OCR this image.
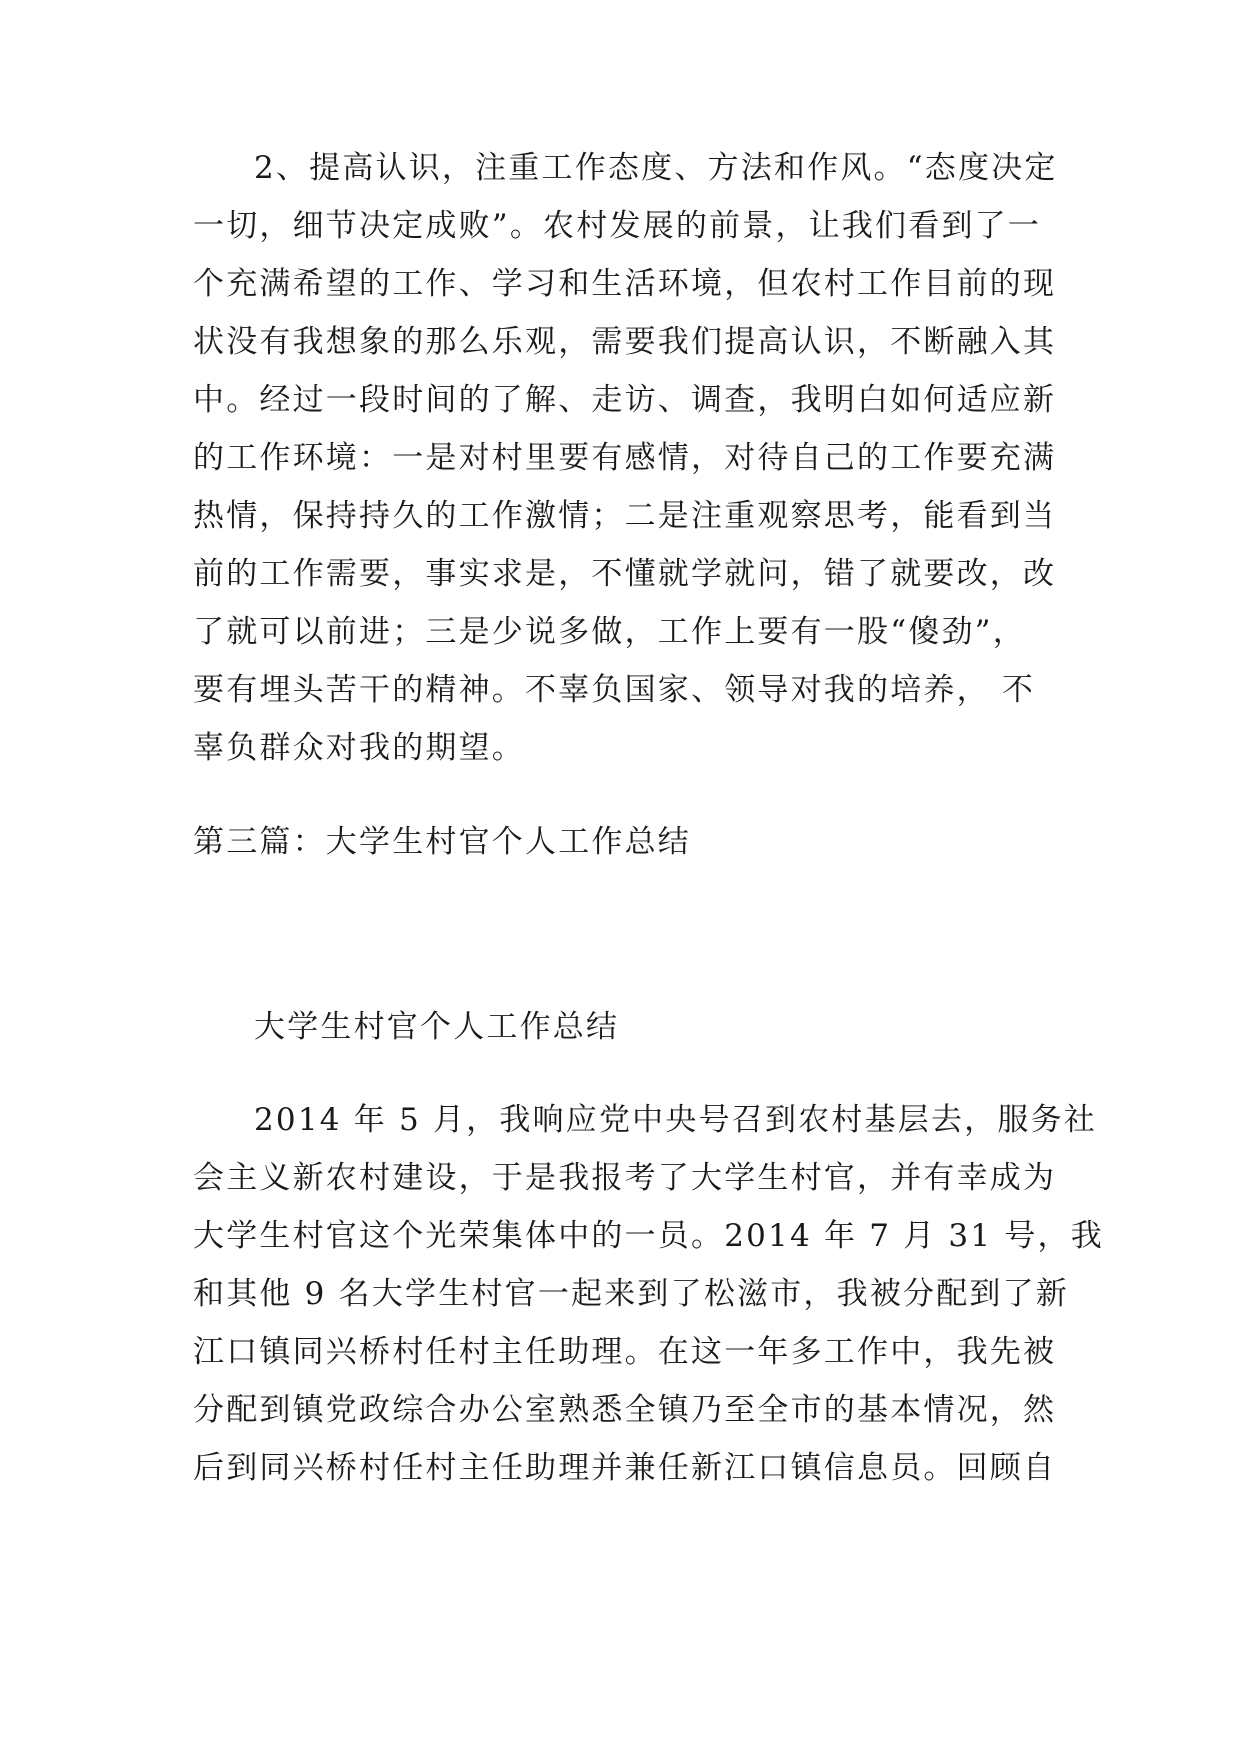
2、提高认识，注重工作态度、方法和作风。“态度决定
一切，细节决定成败”。农村发展的前景，让我们看到了一
个充满希望的工作、学习和生活环境，但农村工作目前的现
状没有我想象的那么乐观，需要我们提高认识，不断融入其
中。经过一段时间的了解、走访、调查，我明白如何适应新
的工作环境：一是对村里要有感情，对待自己的工作要充满
热情，保持持久的工作激情；二是注重观察思考，能看到当
前的工作需要，事实求是，不懂就学就问，错了就要改，改
了就可以前进；三是少说多做，工作上要有一股“傻劲”，
要有埋头苦干的精神。不辜负国家、领导对我的培养， 不
辜负群众对我的期望。
第三篇：大学生村官个人工作总结
大学生村官个人工作总结
2014 年 5 月，我响应党中央号召到农村基层去，服务社
会主义新农村建设，于是我报考了大学生村官，并有幸成为
大学生村官这个光荣集体中的一员。2014 年 7 月 31 号，我
和其他 9 名大学生村官一起来到了松滋市，我被分配到了新
江口镇同兴桥村任村主任助理。在这一年多工作中，我先被
分配到镇党政综合办公室熟悉全镇乃至全市的基本情况，然
后到同兴桥村任村主任助理并兼任新江口镇信息员。回顾自
